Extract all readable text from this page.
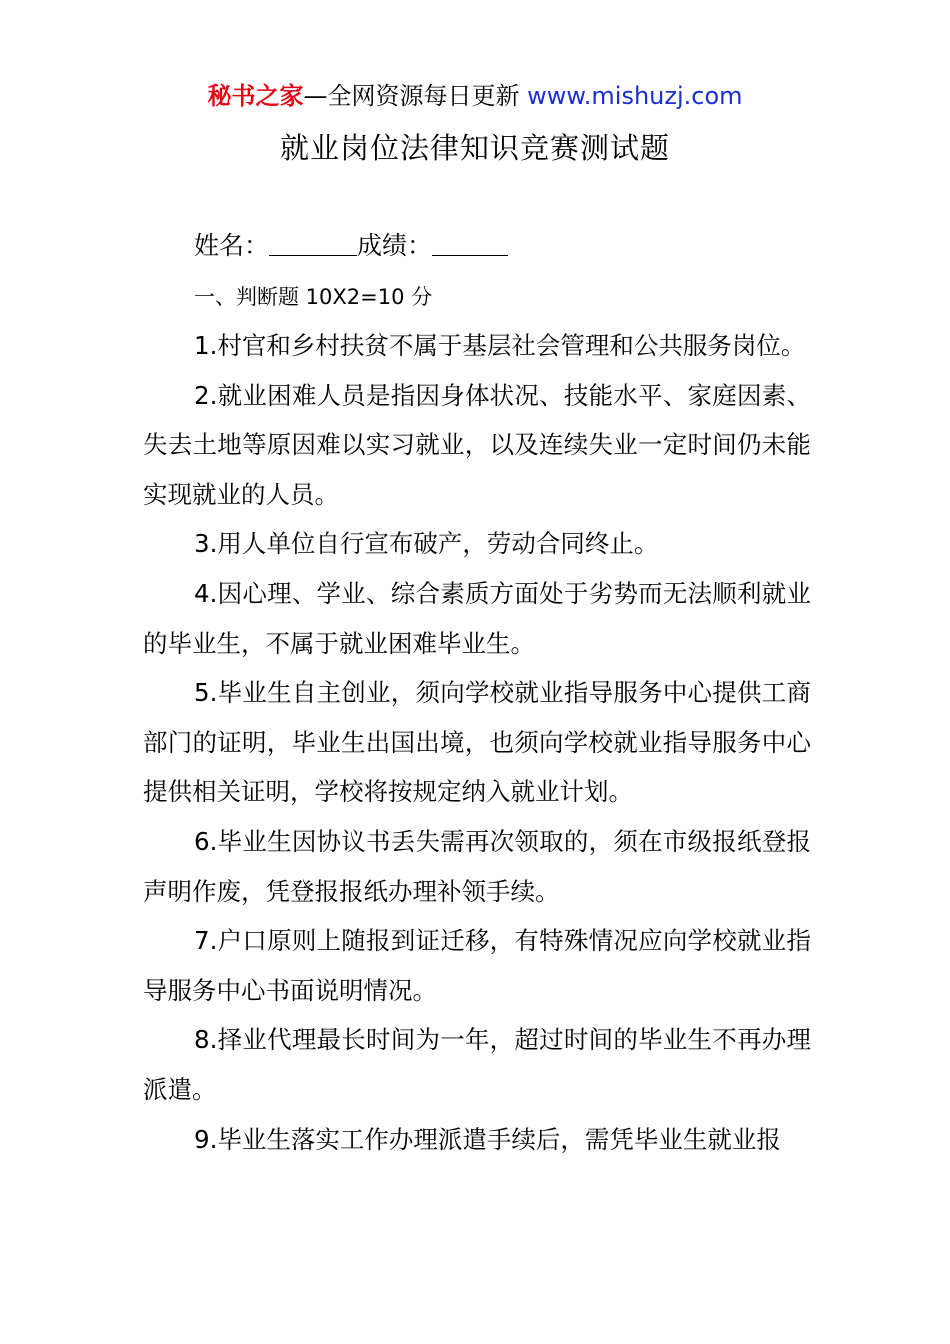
秘书之家—全网资源每日更新 www.mishuzj.com
就业岗位法律知识竞赛测试题
姓名：	成绩：
一、判断题 10X2=10 分
1.村官和乡村扶贫不属于基层社会管理和公共服务岗位。
2.就业困难人员是指因身体状况、技能水平、家庭因素、失去土地等原因难以实习就业，以及连续失业一定时间仍未能实现就业的人员。
3.用人单位自行宣布破产，劳动合同终止。
4.因心理、学业、综合素质方面处于劣势而无法顺利就业的毕业生，不属于就业困难毕业生。
5.毕业生自主创业，须向学校就业指导服务中心提供工商部门的证明，毕业生出国出境，也须向学校就业指导服务中心提供相关证明，学校将按规定纳入就业计划。
6.毕业生因协议书丢失需再次领取的，须在市级报纸登报声明作废，凭登报报纸办理补领手续。
7.户口原则上随报到证迁移，有特殊情况应向学校就业指导服务中心书面说明情况。
8.择业代理最长时间为一年，超过时间的毕业生不再办理派遣。
9.毕业生落实工作办理派遣手续后，需凭毕业生就业报
